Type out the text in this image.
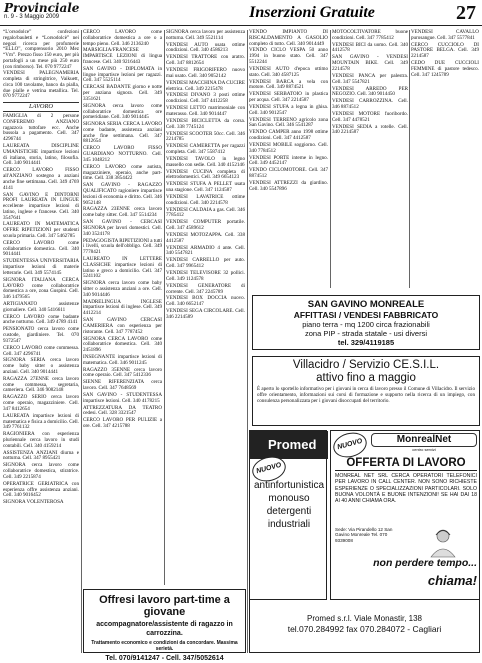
Provinciale
n. 9 - 3 Maggio 2009	Inserzioni Gratuite	27
“L'orsodolce” confezioni regalo/bauletti e “Lorsodolcè” nei negozi ricerca per profumerie “ELLO”, comprensorio 2010 Mez “Vm”. Prezzo fisso 150 euro, per più portafogli a un mese più 250 euro (con rimborso). Tel. 070 9772247
VENDESI PALEGNAMERIA completa di stringitrice, Vaikuett, circa 100 tavolame, banco da pialla, due pialle e vetrina metallica. Tel. 070 9772247
LAVORO
FAMIGLIA di 2 persone CONFEREMO ANZIANO ragazzo/a tuttofare ecc. Anche bussola a pagamento. Cell. 347 4296744
LAUREATA DISCIPLINE UMANISTICHE impartisce lezioni di italiano, storia, latino, filosofia. Cell. 340 9014441
CERCO LAVORO FISSO all'ANZIANO sostegno a anziani anche fine settimana. Cell. 349 4769 4141
SAN GAVINO E DINTORNI PROFI LAUREATA IN LINGUE eccellente impartisce lezioni di latino, inglese e francese. Cell. 340 3547641
LAUREATO IN MATEMATICA OFFRE RIPETIZIONI per studenti scuola primaria. Cell. 347 5462785
CERCO LAVORO come collaboratrice domestica. Cell. 340 9014441
STUDENTESSA UNIVERSITARIA impartisce lezioni di materie letterarie. Cell. 349 5574145
SIGNORA ITALIANA CERCA LAVORO come collaboratrice domestica a ore, zona Guspini. Cell. 346 1479565
ARTIGIANATO assistenze giornaliere. Cell. 340 5416611
CERCO LAVORO come badante anche notturno. Cell. 349 4789 4141
PENSIONATO cerca lavoro come custode, giardiniere. Tel. 070 9372547
CERCO LAVORO come commessa. Cell. 347 4296741
SIGNORA SERIA cerca lavoro come baby sitter o assistenza anziani. Cell. 340 9014441
RAGAZZA 27ENNE cerca lavoro come commessa, segretaria, cameriera. Cell. 346 9082148
RAGAZZO SERIO cerca lavoro come operaio, magazziniere. Cell. 347 8412654
LAUREATA impartisce lezioni di matematica e fisica a domicilio. Cell. 349 7761132
RAGIONIERA con esperienza pluriennale cerca lavoro in studi contabili. Cell. 340 4159214
ASSISTENZA ANZIANI diurna e notturna. Cell. 347 8955421
SIGNORA cerca lavoro come collaboratrice domestica, stiratrice. Cell. 349 2215874
OPERATRICE GERIATRICA con esperienza offre assistenza anziani. Cell. 340 9016452
SIGNORA VOLENTEROSA
CERCO LAVORO come collaboratrice domestica a ore o a tempo pieno. Cell. 346 2136240
MARSIGLIA/FRANCESE IMPARTISCE LEZIONI di lingua francese. Cell. 340 9216443
SAN GAVINO - DIPLOMATA in lingue impartisce lezioni per ragazzi. Cell. 347 5525114
CERCASI BADANTE giorno e notte per anziana signora. Cell. 349 3351621
SIGNORA cerca lavoro come collaboratrice domestica ore pomeridiane. Cell. 340 9014445
SIGNORA SERIA CERCA LAVORO come badante, assistenza anziani anche fine settimana. Cell. 347 8812654
CERCO LAVORO FISSO GUARDIANO NOTTURNO. Cell. 345 1048212
CERCO LAVORO come autista, magazziniere, operaio, anche part-time. Cell. 338 3854422
SAN GAVINO - RAGAZZO QUALIFICATO ragioniere impartisce lezioni di economia e diritto. Cell. 346 9052148
RAGAZZA 23ENNE cerca lavoro come baby sitter. Cell. 347 5514234
SAN GAVINO - CERCASI SIGNORA per lavori domestici. Cell. 340 3524178
PEDAGOGISTA RIPETIZIONI a tutti i livelli, scuola dell'obbligo. Cell. 349 7778421
LAUREATO IN LETTERE CLASSICHE impartisce lezioni di latino e greco a domicilio. Cell. 347 5241102
SIGNORA cerca lavoro come baby sitter o assistenza anziani a ore. Cell. 340 9014446
MADRELINGUA INGLESE impartisce lezioni di inglese. Cell. 349 4412214
SAN GAVINO CERCASI CAMERIERA con esperienza per ristorante. Cell. 347 7787452
SIGNORA CERCA LAVORO come collaboratrice domestica. Cell. 340 2451896
INSEGNANTE impartisce lezioni di matematica. Cell. 346 9011245
RAGAZZO 35ENNE cerca lavoro come operaio. Cell. 347 5412336
SIENNE RIFERENZIATA cerca lavoro. Cell. 347 7648569
SAN GAVINO - STUDENTESSA impartisce lezioni. Cell. 340 4178215
ATTREZZATURA DA TEATRO cedesi. Cell. 328 3321547
CERCO LAVORO PER PULIZIE a ore. Cell. 347 4215788
SIGNORA cerca lavoro per assistenza notturna. Cell. 349 5521114
VENDESI AUTO usata ottime condizioni. Cell. 340 4586213
VENDESI TRATTORE con aratro. Cell. 347 8812654
VENDESI FRIGORIFERO nuovo mai usato. Cell. 340 9052142
VENDESI MACCHINA DA CUCIRE elettrica. Cell. 349 2215478
VENDESI DIVANO 3 posti ottime condizioni. Cell. 347 4412258
VENDESI LETTO matrimoniale con materasso. Cell. 340 9014447
VENDESI BICICLETTA da corsa. Cell. 338 7745124
VENDESI SCOOTER 50cc. Cell. 346 2214785
VENDESI CAMERETTA per ragazzi completa. Cell. 347 5587412
VENDESI TAVOLO in legno massello con sedie. Cell. 340 4152146
VENDESI CUCINA completa di elettrodomestici. Cell. 349 6654123
VENDESI STUFA A PELLET usata una stagione. Cell. 347 1124587
VENDESI LAVATRICE ottime condizioni. Cell. 340 2214578
VENDESI CALDAIA a gas. Cell. 346 7785412
VENDESI COMPUTER portatile. Cell. 347 4589612
VENDESI MOTOZAPPA. Cell. 338 4412587
VENDESI ARMADIO 4 ante. Cell. 340 5547821
VENDESI CARRELLO per auto. Cell. 347 9965412
VENDESI TELEVISORE 32 pollici. Cell. 349 1124578
VENDESI GENERATORE di corrente. Cell. 347 2245789
VENDESI BOX DOCCIA nuovo. Cell. 340 6652147
VENDESI SEGA CIRCOLARE. Cell. 346 2214589
VENDO IMPIANTO DI RISCALDAMENTO A GASOLIO completo di tutto. Cell. 340 9014449
VENDO CICLO VESPA 50 anno 1994 in buono stato. Cell. 347 5512244
VENDESI AUTO d'epoca ottimo stato. Cell. 340 4587125
VENDESI BARCA a vela con motore. Cell. 349 8874521
VENDESI SERBATOIO in plastica per acqua. Cell. 347 2214587
VENDESI STUFA a legna in ghisa. Cell. 340 9012547
VENDESI TERRENO agricolo zona San Gavino. Cell. 346 5541287
VENDO CAMPER anno 1998 ottime condizioni. Cell. 347 4412587
VENDESI MOBILE soggiorno. Cell. 340 7784512
VENDESI PORTE interne in legno. Cell. 349 4452147
VENDO CICLOMOTORE. Cell. 347 8874512
VENDESI ATTREZZI da giardino. Cell. 340 5547896
MOTOCOLTIVATORE buone condizioni. Cell. 347 7785412
VENDESI BICI da uomo. Cell. 340 4412578
SAN GAVINO - VENDESI MOUNTAIN BIKE. Cell. 349 2214578
VENDESI PANCA per palestra. Cell. 347 5547821
VENDESI ARREDO PER NEGOZIO. Cell. 340 9014450
VENDESI CARROZZINA. Cell. 346 8874512
VENDESI MOTORE fuoribordo. Cell. 347 4478521
VENDESI SEDIA a rotelle. Cell. 340 2214587
VENDESI CAVALLO purosangue. Cell. 347 5577841
CERCO CUCCIOLO DI PASTORE BELGA. Cell. 349 2214587
CEDO DUE CUCCIOLI FEMMINE di pastore tedesco. Cell. 347 1245789
Offresi lavoro part-time a giovane
accompagnatore/assistente di ragazzo in carrozzina.
Trattamento economico e condizioni da concordare. Massima serietà.
Tel. 070/9141247 - Cell. 347/5052614
SAN GAVINO MONREALE
AFFITTASI / VENDESI FABBRICATO
piano terra - mq 1200 circa frazionabili
zona PIP - strada statale - usi diversi
tel. 329/4119185
Villacidro / Servizio CE.S.I.L.
attivo fino a maggio
È aperto lo sportello informativo per i giovani in cerca di lavoro presso il Comune di Villacidro. Il servizio offre orientamento, informazioni sui corsi di formazione e supporto nella ricerca di un impiego, con consulenza personalizzata per i giovani disoccupati del territorio.
Promed
NUOVO
antinfortunistica monouso detergenti industriali
NUOVO	MonrealNet
centro servizi
OFFERTA DI LAVORO
MONREAL NET SRL CERCA OPERATORI TELEFONICI PER LAVORO IN CALL CENTER. NON SONO RICHIESTE ESPERIENZE O SPECIALIZZAZIONI PARTICOLARI. SOLO BUONA VOLONTÀ E BUONE INTENZIONI! SE HAI DAI 18 AI 40 ANNI CHIAMA ORA.
Sede: Via Pirandello 12 San Gavino Monreale Tel. 070 9339008
non perdere tempo...
chiama!
Promed s.r.l. Viale Monastir, 138
tel.070.284992 fax 070.284072 - Cagliari
